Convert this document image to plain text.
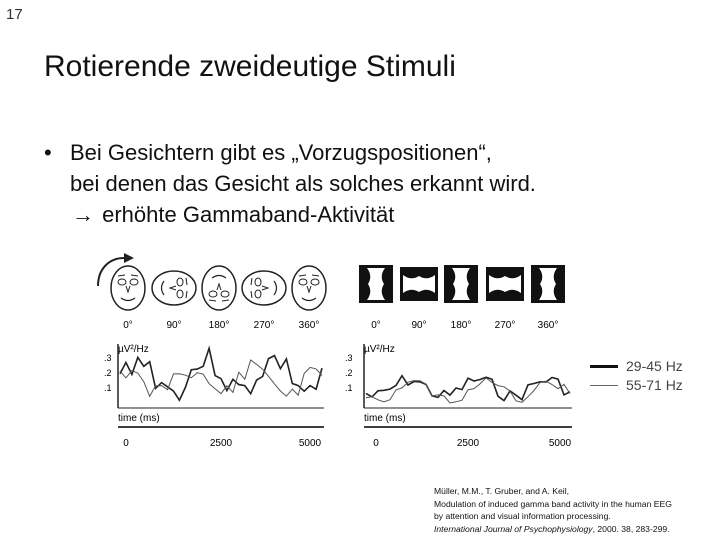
17
Rotierende zweideutige Stimuli
• Bei Gesichtern gibt es „Vorzugspositionen“,
bei denen das Gesicht als solches erkannt wird.
→ erhöhte Gammaband-Aktivität
0°	90°	180° 270° 360°	0°	90° 180° 270° 360°
µV²/Hz
.3
.2
.1
time (ms)
0	2500	5000
µV²/Hz
.3
.2
.1
time (ms)
0	2500	5000
29-45 Hz
55-71 Hz
Müller, M.M., T. Gruber, and A. Keil,
Modulation of induced gamma band activity in the human EEG
by attention and visual information processing.
International Journal of Psychophysiology, 2000. 38, 283-299.
